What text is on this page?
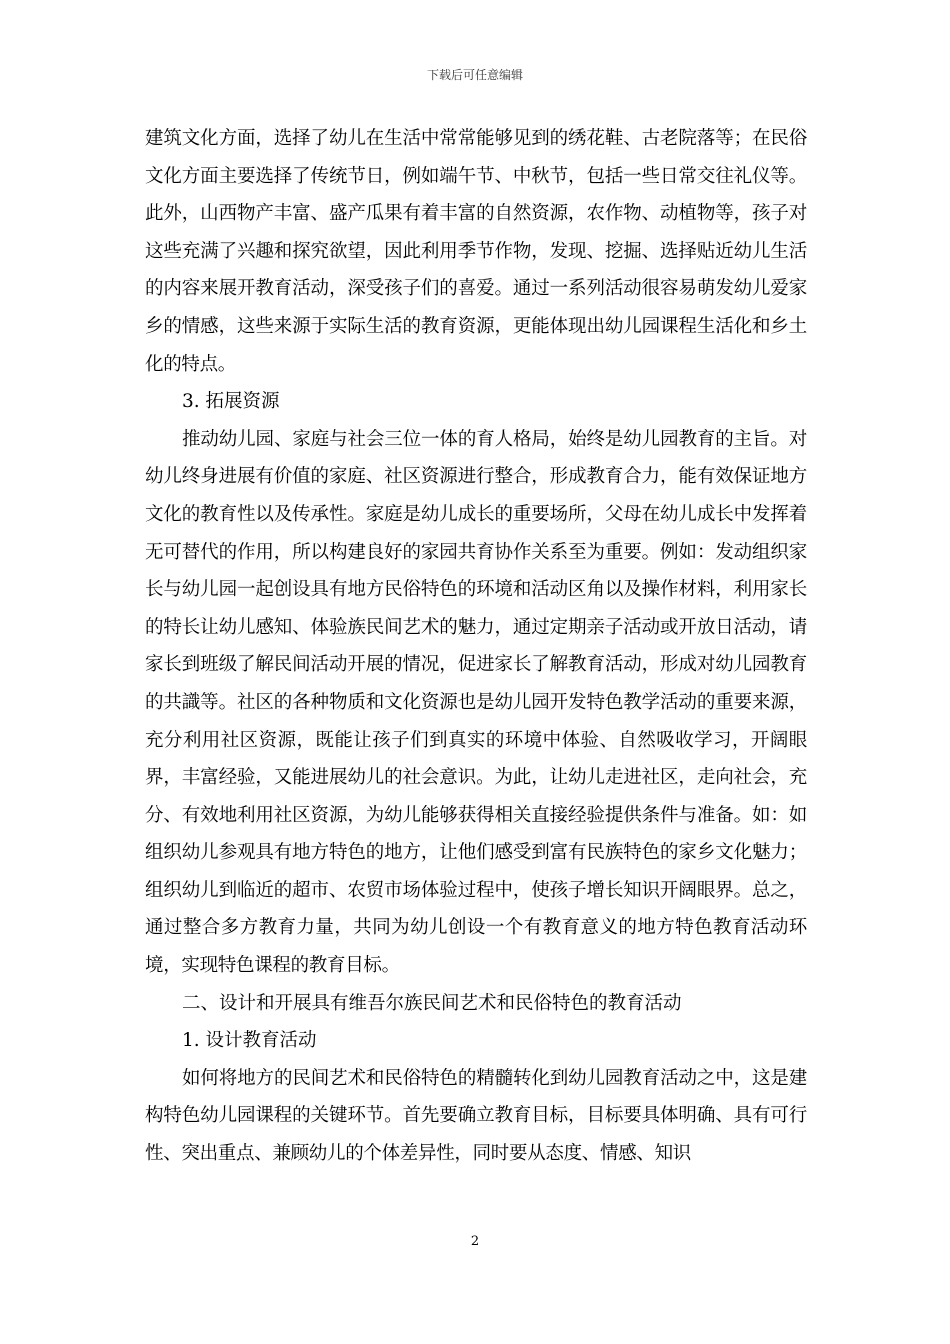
下载后可任意编辑

建筑文化方面，选择了幼儿在生活中常常能够见到的绣花鞋、古老院落等；在民俗文化方面主要选择了传统节日，例如端午节、中秋节，包括一些日常交往礼仪等。此外，山西物产丰富、盛产瓜果有着丰富的自然资源，农作物、动植物等，孩子对这些充满了兴趣和探究欲望，因此利用季节作物，发现、挖掘、选择贴近幼儿生活的内容来展开教育活动，深受孩子们的喜爱。通过一系列活动很容易萌发幼儿爱家乡的情感，这些来源于实际生活的教育资源，更能体现出幼儿园课程生活化和乡土化的特点。

3. 拓展资源

推动幼儿园、家庭与社会三位一体的育人格局，始终是幼儿园教育的主旨。对幼儿终身进展有价值的家庭、社区资源进行整合，形成教育合力，能有效保证地方文化的教育性以及传承性。家庭是幼儿成长的重要场所，父母在幼儿成长中发挥着无可替代的作用，所以构建良好的家园共育协作关系至为重要。例如：发动组织家长与幼儿园一起创设具有地方民俗特色的环境和活动区角以及操作材料，利用家长的特长让幼儿感知、体验族民间艺术的魅力，通过定期亲子活动或开放日活动，请家长到班级了解民间活动开展的情况，促进家长了解教育活动，形成对幼儿园教育的共識等。社区的各种物质和文化资源也是幼儿园开发特色教学活动的重要来源，充分利用社区资源，既能让孩子们到真实的环境中体验、自然吸收学习，开阔眼界，丰富经验，又能进展幼儿的社会意识。为此，让幼儿走进社区，走向社会，充分、有效地利用社区资源，为幼儿能够获得相关直接经验提供条件与准备。如：如组织幼儿参观具有地方特色的地方，让他们感受到富有民族特色的家乡文化魅力；组织幼儿到临近的超市、农贸市场体验过程中，使孩子增长知识开阔眼界。总之，通过整合多方教育力量，共同为幼儿创设一个有教育意义的地方特色教育活动环境，实现特色课程的教育目标。

二、设计和开展具有维吾尔族民间艺术和民俗特色的教育活动

1. 设计教育活动

如何将地方的民间艺术和民俗特色的精髓转化到幼儿园教育活动之中，这是建构特色幼儿园课程的关键环节。首先要确立教育目标，目标要具体明确、具有可行性、突出重点、兼顾幼儿的个体差异性，同时要从态度、情感、知识

2
